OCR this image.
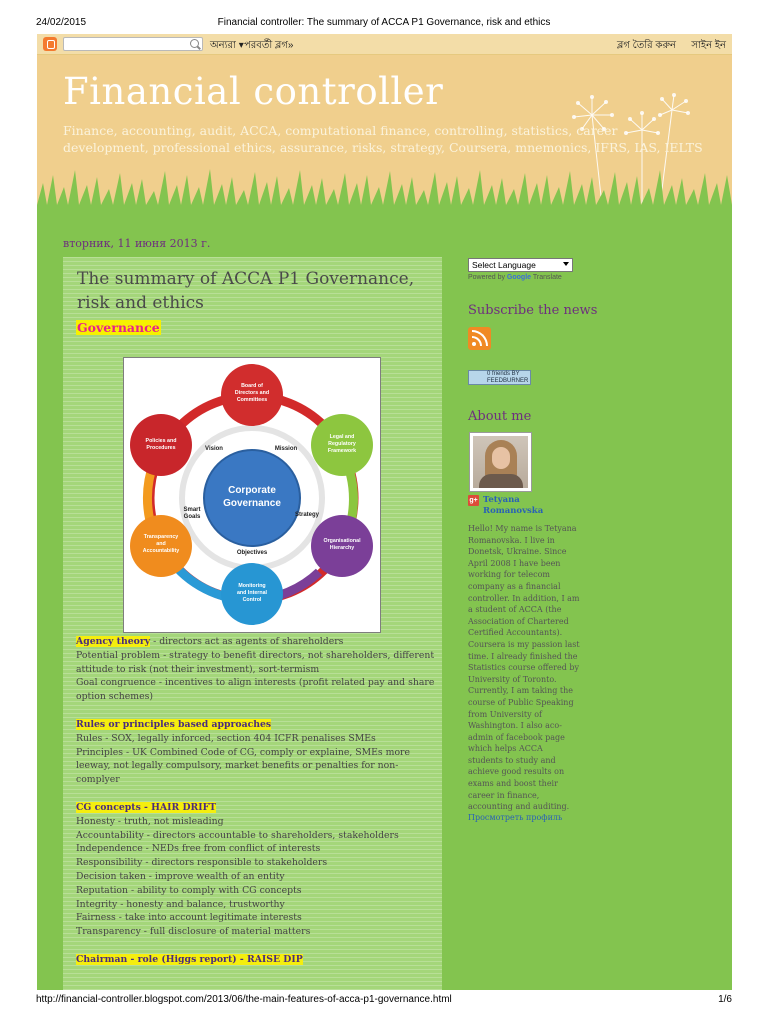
24/02/2015	Financial controller: The summary of ACCA P1 Governance, risk and ethics
অন্যরা ▾ পরবর্তী ব্লগ»	ব্লগ তৈরি করুন সাইন ইন
Financial controller
Finance, accounting, audit, ACCA, computational finance, controlling, statistics, career development, professional ethics, assurance, risks, strategy, Coursera, mnemonics, IFRS, IAS, IELTS
вторник, 11 июня 2013 г.
The summary of ACCA P1 Governance, risk and ethics
Governance
Corporate
Governance
Board of
Directors and
Committees
Legal and
Regulatory
Framework
Organisational
Hierarchy
Monitoring
and Internal
Control
Transparency
and
Accountability
Policies and
Procedures	Vision	Mission
Strategy
Objectives
Smart
Goals
Agency theory - directors act as agents of shareholders
Potential problem - strategy to benefit directors, not shareholders, different attitude to risk (not their investment), sort-termism
Goal congruence - incentives to align interests (profit related pay and share option schemes)
Rules or principles based approaches
Rules - SOX, legally inforced, section 404 ICFR penalises SMEs
Principles - UK Combined Code of CG, comply or explaine, SMEs more leeway, not legally compulsory, market benefits or penalties for non-complyer
CG concepts - HAIR DRIFT
Honesty - truth, not misleading
Accountability - directors accountable to shareholders, stakeholders
Independence - NEDs free from conflict of interests
Responsibility - directors responsible to stakeholders
Decision taken - improve wealth of an entity
Reputation - ability to comply with CG concepts
Integrity - honesty and balance, trustworthy
Fairness - take into account legitimate interests
Transparency - full disclosure of material matters
Chairman - role (Higgs report) - RAISE DIP
Select Language
Powered by Google Translate
Subscribe the news
0 friends BY FEEDBURNER
About me
g+ Tetyana Romanovska
Hello! My name is Tetyana Romanovska. I live in Donetsk, Ukraine. Since April 2008 I have been working for telecom company as a financial controller. In addition, I am a student of ACCA (the Association of Chartered Certified Accountants). Coursera is my passion last time. I already finished the Statistics course offered by University of Toronto. Currently, I am taking the course of Public Speaking from University of Washington. I also aco-admin of facebook page which helps ACCA students to study and achieve good results on exams and boost their career in finance, accounting and auditing.
Просмотреть профиль
http://financial-controller.blogspot.com/2013/06/the-main-features-of-acca-p1-governance.html	1/6
